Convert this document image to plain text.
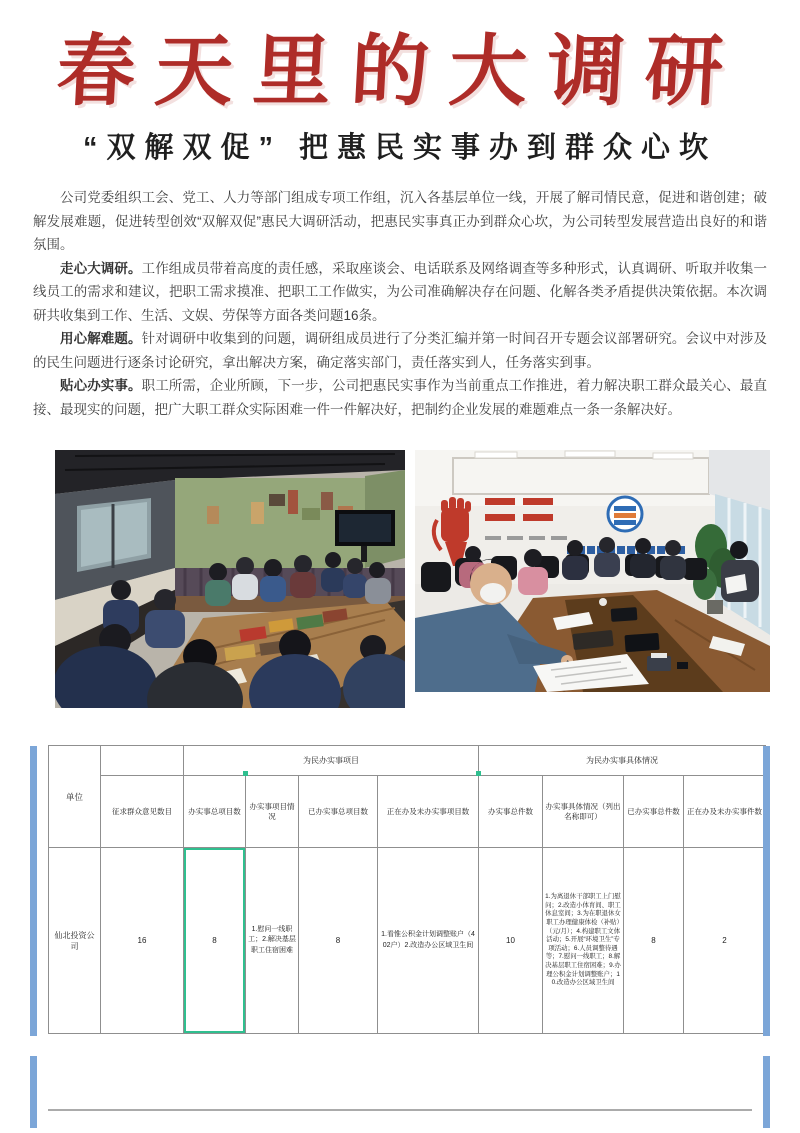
春天里的大调研
“双解双促” 把惠民实事办到群众心坎

公司党委组织工会、党工、人力等部门组成专项工作组，沉入各基层单位一线，开展了解司情民意，促进和谐创建；破解发展难题，促进转型创效“双解双促”惠民大调研活动，把惠民实事真正办到群众心坎，为公司转型发展营造出良好的和谐氛围。

走心大调研。工作组成员带着高度的责任感，采取座谈会、电话联系及网络调查等多种形式，认真调研、听取并收集一线员工的需求和建议，把职工需求摸准、把职工工作做实，为公司准确解决存在问题、化解各类矛盾提供决策依据。本次调研共收集到工作、生活、文娱、劳保等方面各类问题16条。

用心解难题。针对调研中收集到的问题，调研组成员进行了分类汇编并第一时间召开专题会议部署研究。会议中对涉及的民生问题进行逐条讨论研究，拿出解决方案，确定落实部门，责任落实到人，任务落实到事。

贴心办实事。职工所需，企业所顾，下一步，公司把惠民实事作为当前重点工作推进，着力解决职工群众最关心、最直接、最现实的问题，把广大职工群众实际困难一件一件解决好，把制约企业发展的难题难点一条一条解决好。

单位		为民办实事项目				为民办实事具体情况			
	征求群众意见数目	办实事总项目数	办实事项目情况	已办实事总项目数	正在办及未办实事项目数	办实事总件数	办实事具体情况（列出名称即可）	已办实事总件数	正在办及未办实事件数
仙北投资公司	16	8	1.慰问一线职工；2.解决基层职工住宿困难	8	1.看惟公积金计划调整账户（402户）2.改造办公区域卫生间	10	1.为离退休干部职工上门慰问；2.改造小体育间、职工休息室间；3.为在职退休女职工办理健康体检（补贴）（元/月）；4.构建职工文体活动；5.开展“环境卫生”专项活动；6.人员调整待遇等；7.慰问一线职工；8.解决基层职工住宿困难；9.办理公积金计划调整账户；10.改造办公区域卫生间	8	2
